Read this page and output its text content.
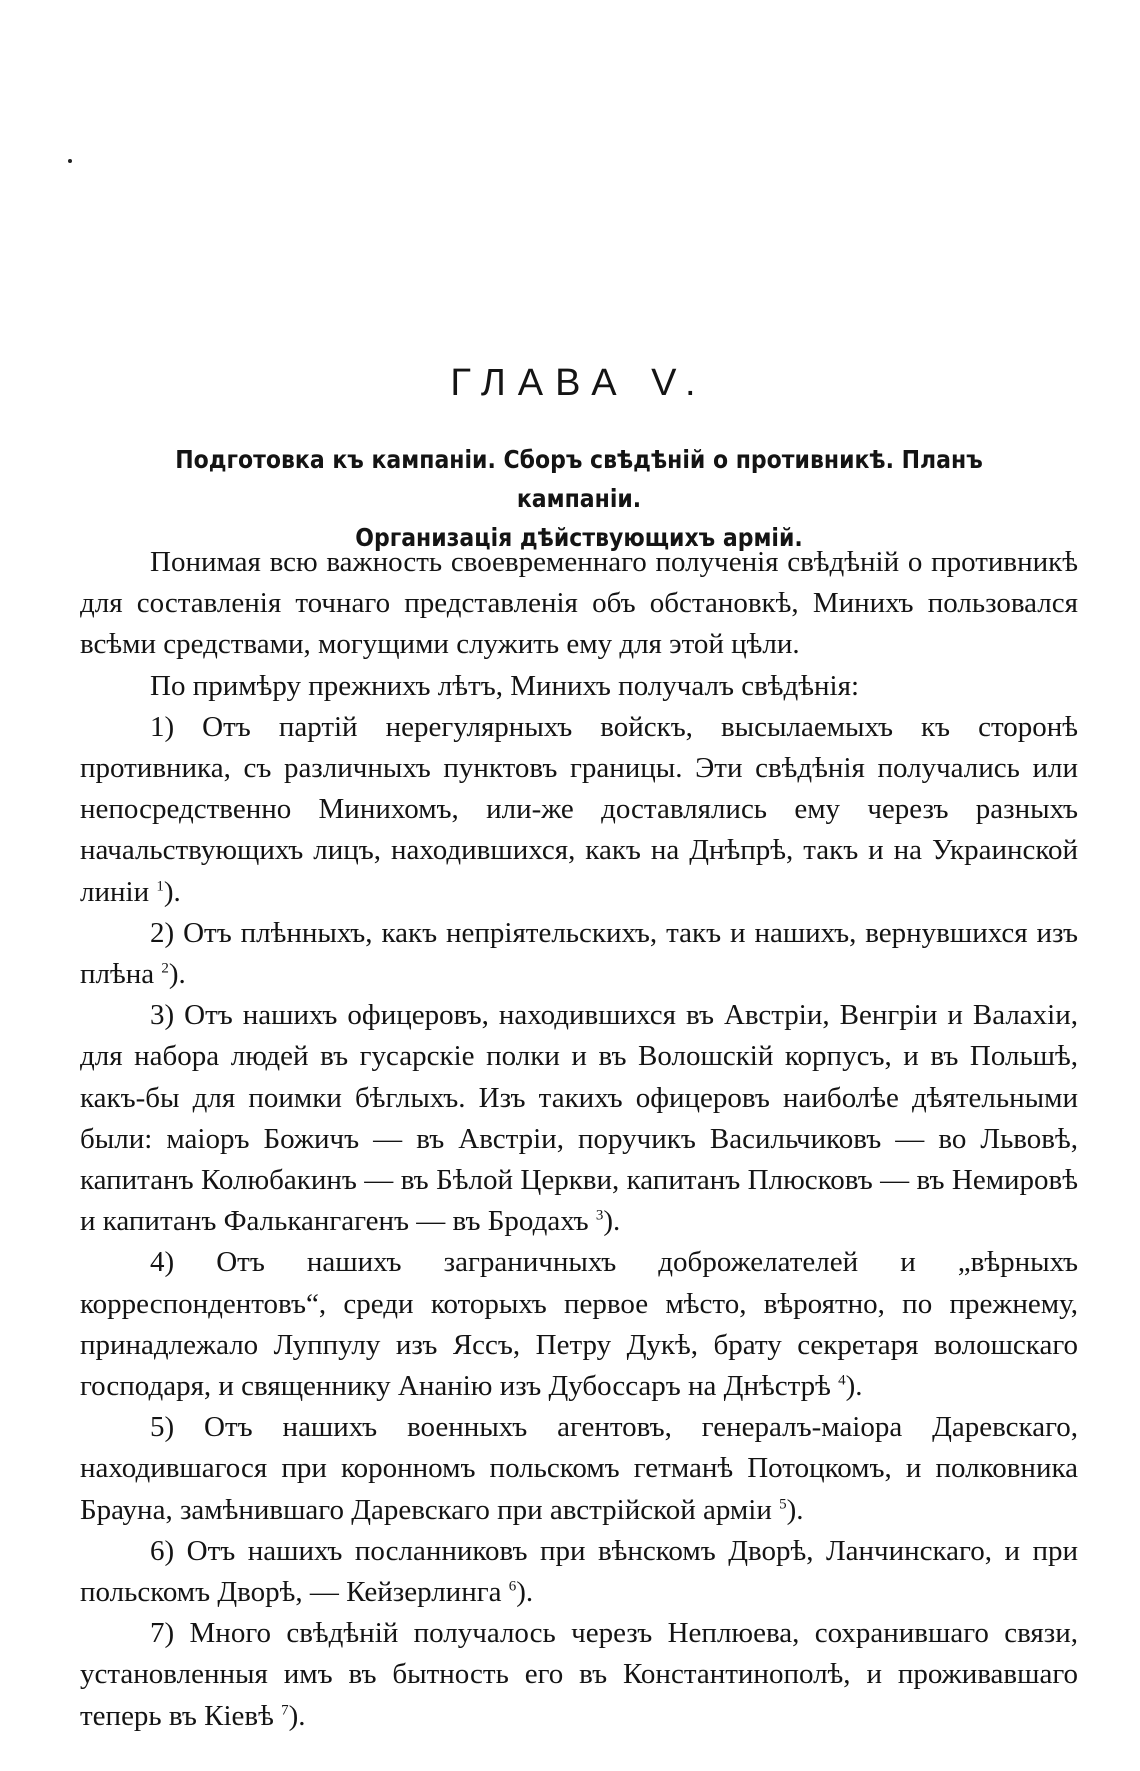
ГЛАВА V.
Подготовка къ кампаніи. Сборъ свѣдѣній о противникѣ. Планъ кампаніи.
Организація дѣйствующихъ армій.

Понимая всю важность своевременнаго полученія свѣдѣній о противникѣ для составленія точнаго представленія объ обстановкѣ, Минихъ пользовался всѣми средствами, могущими служить ему для этой цѣли.

По примѣру прежнихъ лѣтъ, Минихъ получалъ свѣдѣнія:

1) Отъ партій нерегулярныхъ войскъ, высылаемыхъ къ сторонѣ противника, съ различныхъ пунктовъ границы. Эти свѣдѣнія получались или непосредственно Минихомъ, или-же доставлялись ему черезъ разныхъ начальствующихъ лицъ, находившихся, какъ на Днѣпрѣ, такъ и на Украинской линіи $^1$).

2) Отъ плѣнныхъ, какъ непріятельскихъ, такъ и нашихъ, вернувшихся изъ плѣна $^2$).

3) Отъ нашихъ офицеровъ, находившихся въ Австріи, Венгріи и Валахіи, для набора людей въ гусарскіе полки и въ Волошскій корпусъ, и въ Польшѣ, какъ-бы для поимки бѣглыхъ. Изъ такихъ офицеровъ наиболѣе дѣятельными были: маіоръ Божичъ — въ Австріи, поручикъ Васильчиковъ — во Львовѣ, капитанъ Колюбакинъ — въ Бѣлой Церкви, капитанъ Плюсковъ — въ Немировѣ и капитанъ Фалькангагенъ — въ Бродахъ $^3$).

4) Отъ нашихъ заграничныхъ доброжелателей и „вѣрныхъ корреспондентовъ“, среди которыхъ первое мѣсто, вѣроятно, по прежнему, принадлежало Луппулу изъ Яссъ, Петру Дукѣ, брату секретаря волошскаго господаря, и священнику Ананію изъ Дубоссаръ на Днѣстрѣ $^4$).

5) Отъ нашихъ военныхъ агентовъ, генералъ-маіора Даревскаго, находившагося при коронномъ польскомъ гетманѣ Потоцкомъ, и полковника Брауна, замѣнившаго Даревскаго при австрійской арміи $^5$).

6) Отъ нашихъ посланниковъ при вѣнскомъ Дворѣ, Ланчинскаго, и при польскомъ Дворѣ, — Кейзерлинга $^6$).

7) Много свѣдѣній получалось черезъ Неплюева, сохранившаго связи, установленныя имъ въ бытность его въ Константинополѣ, и проживавшаго теперь въ Кіевѣ $^7$).
